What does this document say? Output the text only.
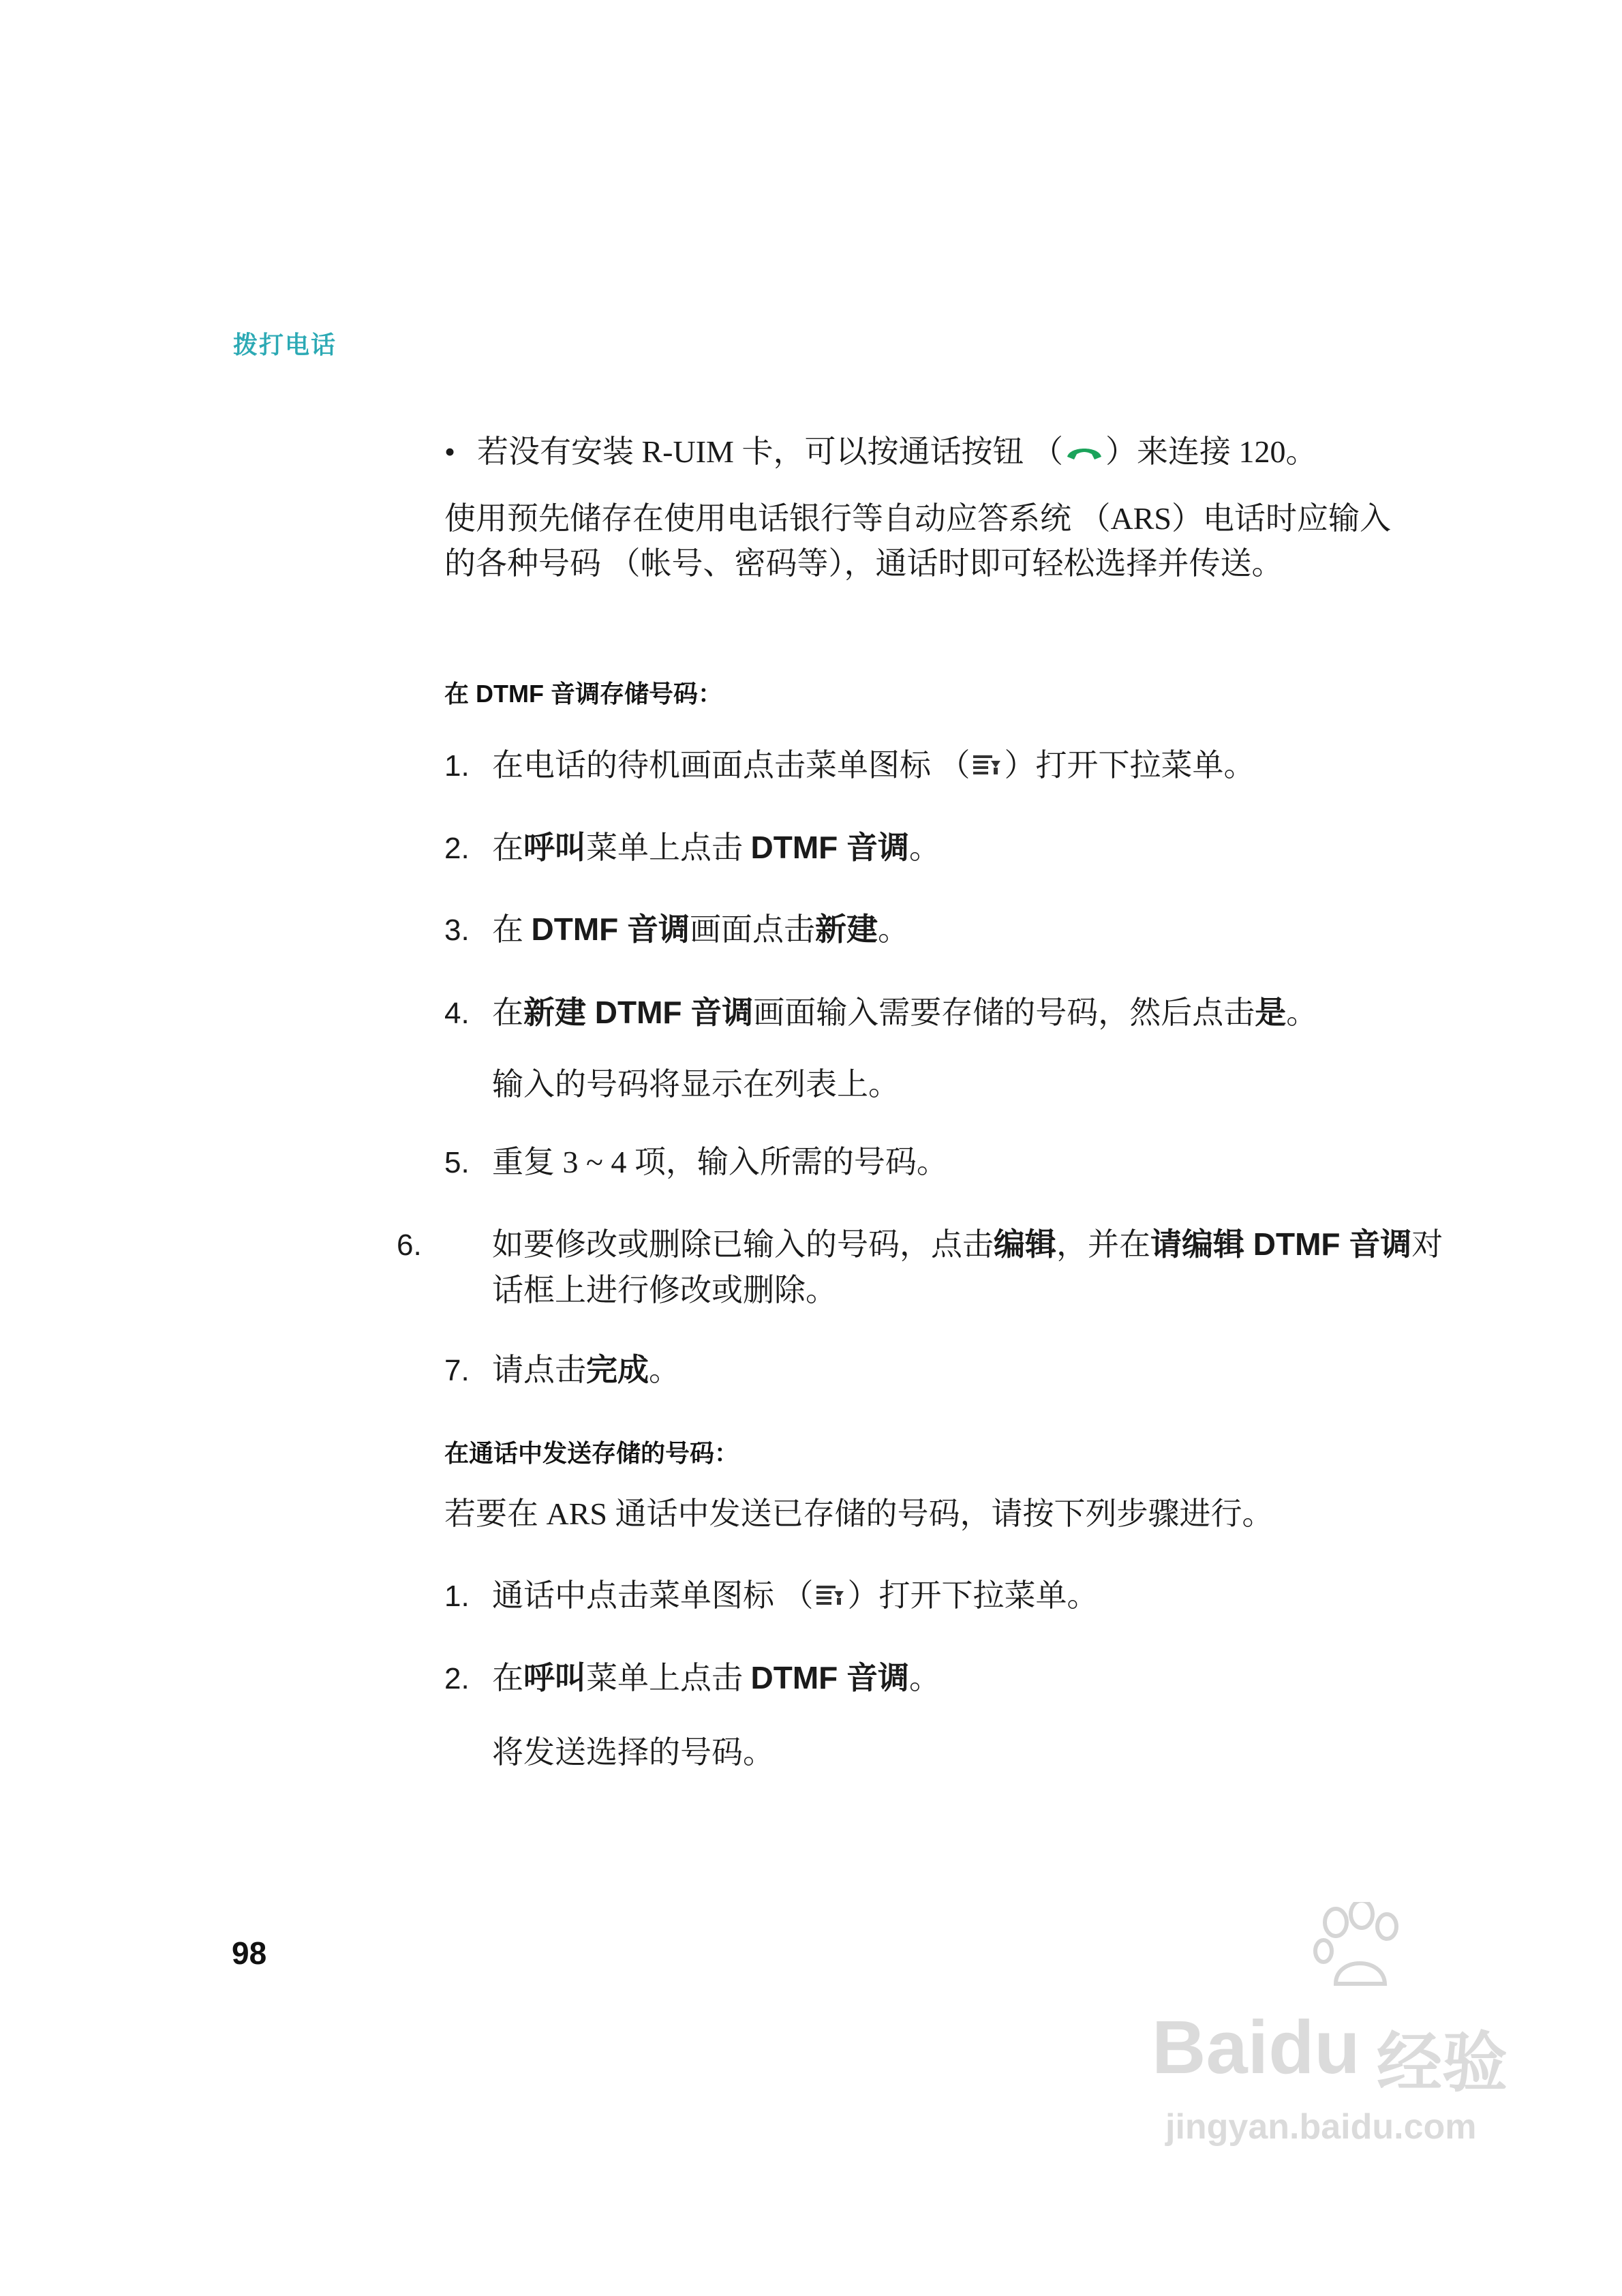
拨打电话
• 若没有安装 R-UIM 卡，可以按通话按钮 （ ）来连接 120。

使用预先储存在使用电话银行等自动应答系统 （ARS）电话时应输入的各种号码 （帐号、密码等），通话时即可轻松选择并传送。

在 DTMF 音调存储号码：
1. 在电话的待机画面点击菜单图标 （ ）打开下拉菜单。
2. 在呼叫菜单上点击 DTMF 音调。
3. 在 DTMF 音调画面点击新建。
4. 在新建 DTMF 音调画面输入需要存储的号码，然后点击是。
输入的号码将显示在列表上。
5. 重复 3 ~ 4 项，输入所需的号码。
6. 如要修改或删除已输入的号码，点击编辑，并在请编辑 DTMF 音调对话框上进行修改或删除。
7. 请点击完成。
在通话中发送存储的号码：
若要在 ARS 通话中发送已存储的号码，请按下列步骤进行。
1. 通话中点击菜单图标 （ ）打开下拉菜单。
2. 在呼叫菜单上点击 DTMF 音调。
将发送选择的号码。
98
Baidu 经验
jingyan.baidu.com
